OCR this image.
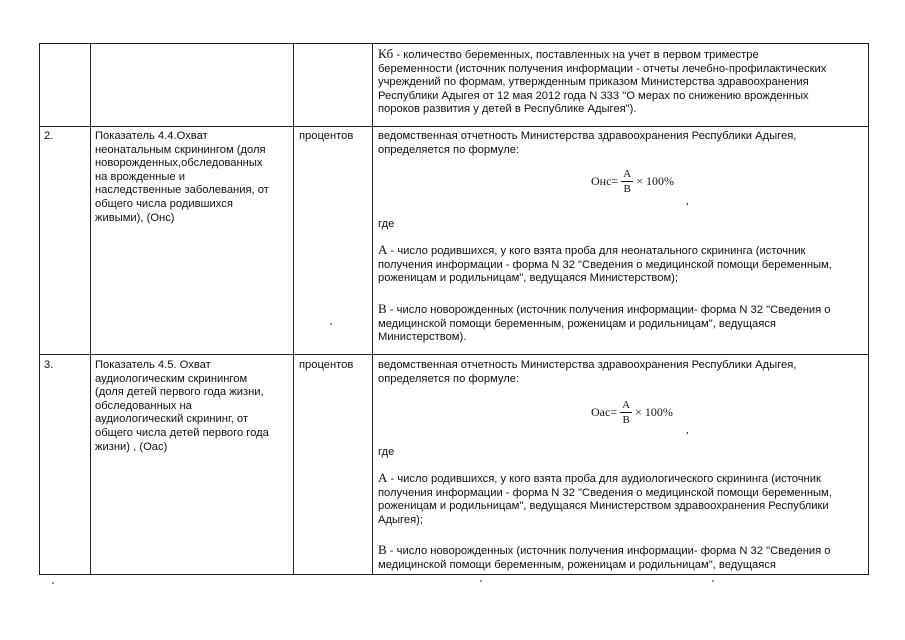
Кб - количество беременных, поставленных на учет в первом триместре
беременности (источник получения информации - отчеты лечебно-профилактических
учреждений по формам, утвержденным приказом Министерства здравоохранения
Республики Адыгея от 12 мая 2012 года N 333 "О мерах по снижению врожденных
пороков развития у детей в Республике Адыгея").
2.	Показатель 4.4.Охват
неонатальным скринингом (доля
новорожденных,обследованных
на врожденные и
наследственные заболевания, от
общего числа родившихся
живыми), (Онс)
процентов ведомственная отчетность Министерства здравоохранения Республики Адыгея,
определяется по формуле:
Онс = $\frac{A}{B} \times 100\%$
,
где
A - число родившихся, у кого взята проба для неонатального скрининга (источник
получения информации - форма N 32 "Сведения о медицинской помощи беременным,
роженицам и родильницам", ведущаяся Министерством);
B - число новорожденных (источник получения информации- форма N 32 "Сведения о
медицинской помощи беременным, роженицам и родильницам", ведущаяся
Министерством).
3.	Показатель 4.5. Охват
аудиологическим скринингом
(доля детей первого года жизни,
обследованных на
аудиологический скрининг, от
общего числа детей первого года
жизни) , (Оас)
процентов ведомственная отчетность Министерства здравоохранения Республики Адыгея,
определяется по формуле:
Оас = $\frac{A}{B} \times 100\%$
,
где
A - число родившихся, у кого взята проба для аудиологического скрининга (источник
получения информации - форма N 32 "Сведения о медицинской помощи беременным,
роженицам и родильницам", ведущаяся Министерством здравоохранения Республики
Адыгея);
B - число новорожденных (источник получения информации- форма N 32 "Сведения о
медицинской помощи беременным, роженицам и родильницам", ведущаяся
